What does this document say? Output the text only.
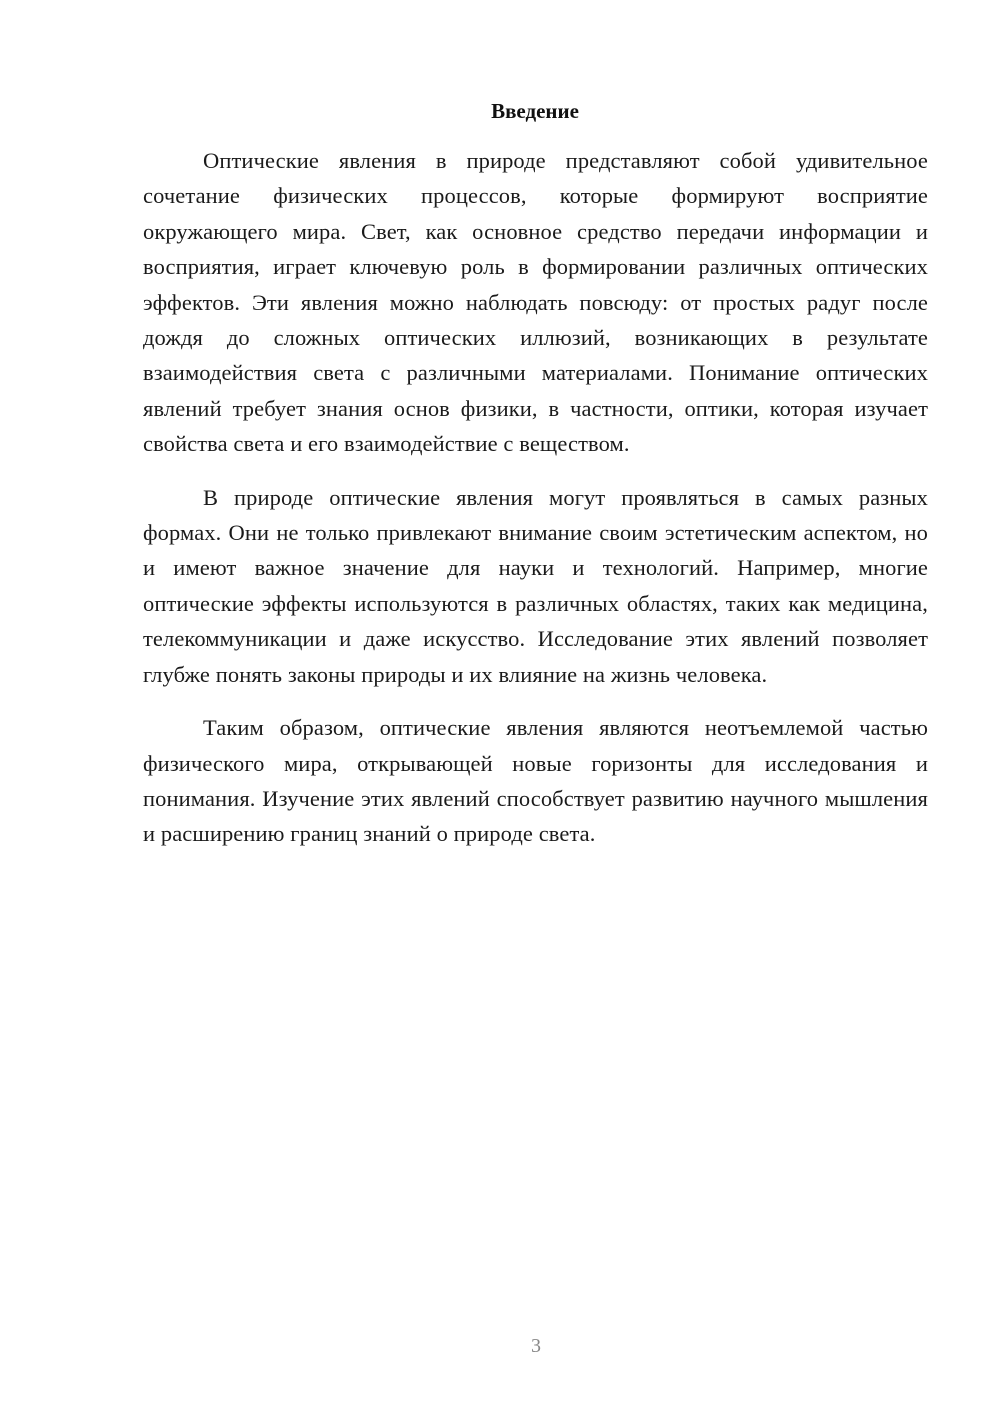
Введение

Оптические явления в природе представляют собой удивительное сочетание физических процессов, которые формируют восприятие окружающего мира. Свет, как основное средство передачи информации и восприятия, играет ключевую роль в формировании различных оптических эффектов. Эти явления можно наблюдать повсюду: от простых радуг после дождя до сложных оптических иллюзий, возникающих в результате взаимодействия света с различными материалами. Понимание оптических явлений требует знания основ физики, в частности, оптики, которая изучает свойства света и его взаимодействие с веществом.

В природе оптические явления могут проявляться в самых разных формах. Они не только привлекают внимание своим эстетическим аспектом, но и имеют важное значение для науки и технологий. Например, многие оптические эффекты используются в различных областях, таких как медицина, телекоммуникации и даже искусство. Исследование этих явлений позволяет глубже понять законы природы и их влияние на жизнь человека.

Таким образом, оптические явления являются неотъемлемой частью физического мира, открывающей новые горизонты для исследования и понимания. Изучение этих явлений способствует развитию научного мышления и расширению границ знаний о природе света.

3
